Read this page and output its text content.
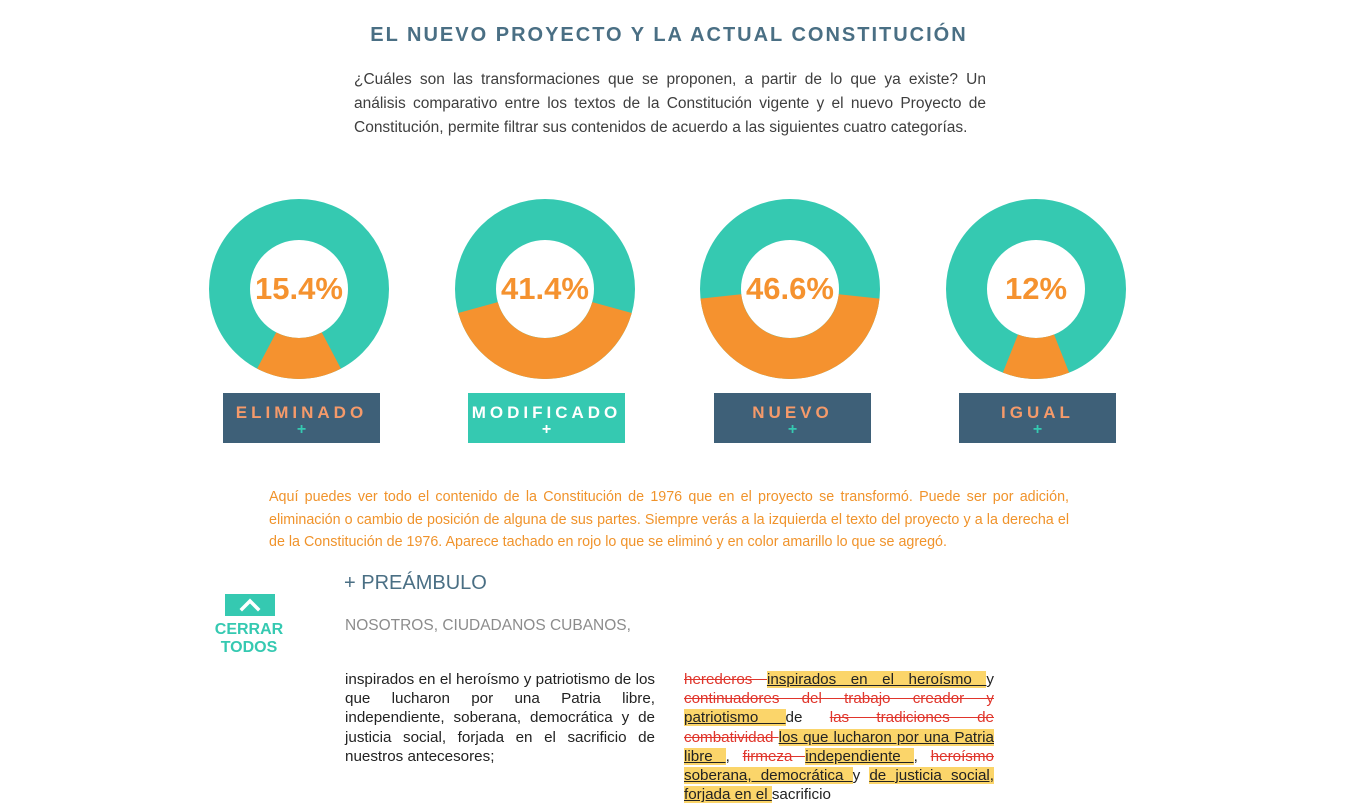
EL NUEVO PROYECTO Y LA ACTUAL CONSTITUCIÓN
¿Cuáles son las transformaciones que se proponen, a partir de lo que ya existe? Un análisis comparativo entre los textos de la Constitución vigente y el nuevo Proyecto de Constitución, permite filtrar sus contenidos de acuerdo a las siguientes cuatro categorías.
15.4%	41.4%	46.6%	12%
ELIMINADO
+
MODIFICADO
+
NUEVO
+
IGUAL
+
Aquí puedes ver todo el contenido de la Constitución de 1976 que en el proyecto se transformó. Puede ser por adición, eliminación o cambio de posición de alguna de sus partes. Siempre verás a la izquierda el texto del proyecto y a la derecha el de la Constitución de 1976. Aparece tachado en rojo lo que se eliminó y en color amarillo lo que se agregó.
CERRAR TODOS
+ PREÁMBULO
NOSOTROS, CIUDADANOS CUBANOS,
inspirados en el heroísmo y patriotismo de los que lucharon por una Patria libre, independiente, soberana, democrática y de justicia social, forjada en el sacrificio de nuestros antecesores;
herederos inspirados en el heroísmo y continuadores del trabajo creador y patriotismo de las tradiciones de combatividad los que lucharon por una Patria libre , firmeza independiente , heroísmo soberana, democrática y de justicia social, forjada en el sacrificio
